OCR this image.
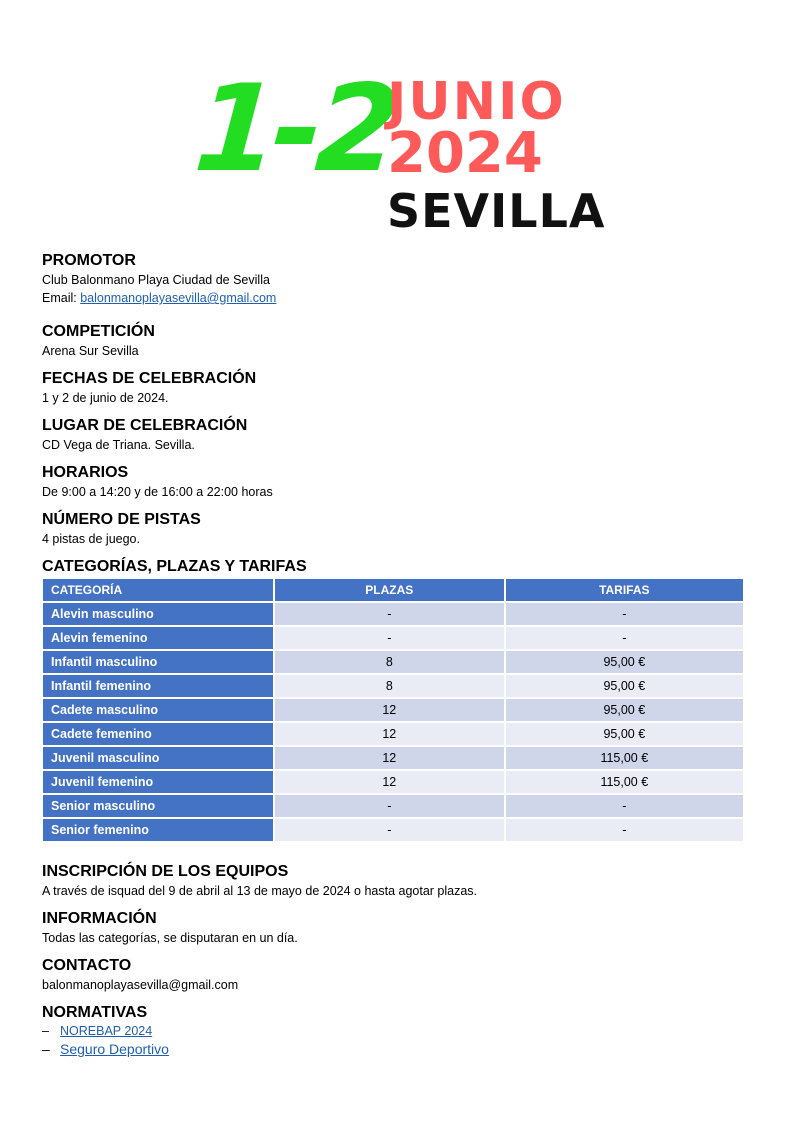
1-2
JUNIO
2024
SEVILLA
PROMOTOR

Club Balonmano Playa Ciudad de Sevilla

Email: balonmanoplayasevilla@gmail.com

COMPETICIÓN

Arena Sur Sevilla

FECHAS DE CELEBRACIÓN

1 y 2 de junio de 2024.

LUGAR DE CELEBRACIÓN

CD Vega de Triana. Sevilla.

HORARIOS

De 9:00 a 14:20 y de 16:00 a 22:00 horas

NÚMERO DE PISTAS

4 pistas de juego.

CATEGORÍAS, PLAZAS Y TARIFAS
CATEGORÍA	PLAZAS	TARIFAS
Alevin masculino	-	-
Alevin femenino	-	-
Infantil masculino	8	95,00 €
Infantil femenino	8	95,00 €
Cadete masculino	12	95,00 €
Cadete femenino	12	95,00 €
Juvenil masculino	12	115,00 €
Juvenil femenino	12	115,00 €
Senior masculino	-	-
Senior femenino	-	-
INSCRIPCIÓN DE LOS EQUIPOS

A través de isquad del 9 de abril al 13 de mayo de 2024 o hasta agotar plazas.

INFORMACIÓN

Todas las categorías, se disputaran en un día.

CONTACTO

balonmanoplayasevilla@gmail.com

NORMATIVAS
– NOREBAP 2024
– Seguro Deportivo
